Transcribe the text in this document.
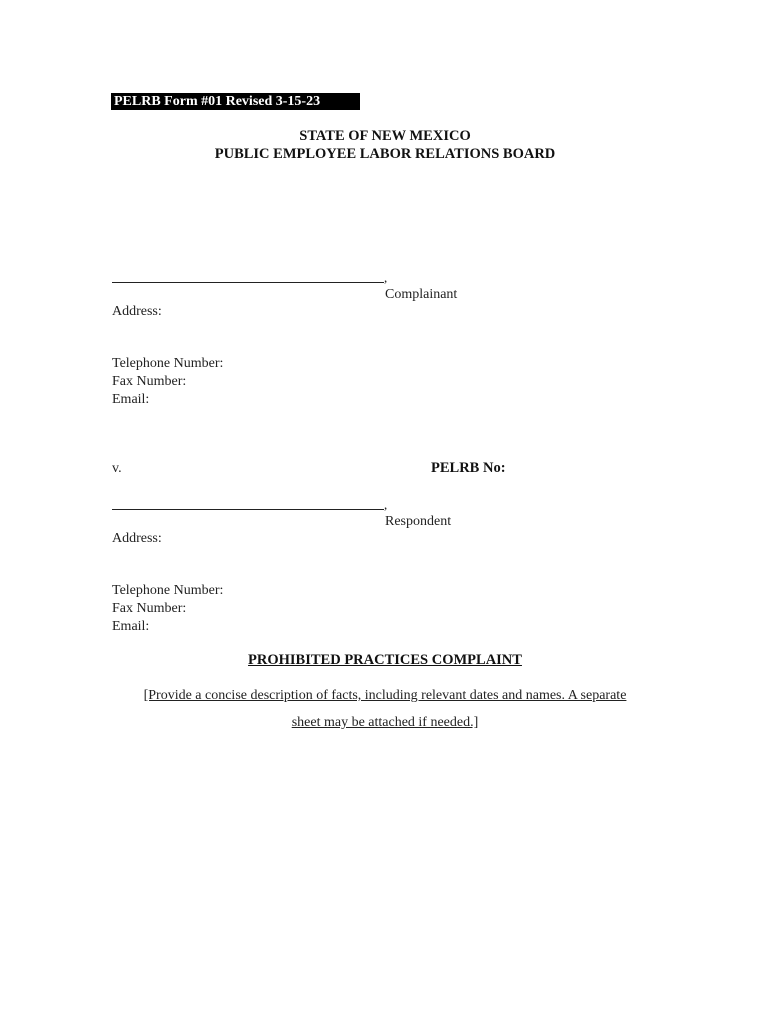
PELRB Form #01 Revised 3-15-23
STATE OF NEW MEXICO
PUBLIC EMPLOYEE LABOR RELATIONS BOARD
,
Complainant
Address:
Telephone Number:
Fax Number:
Email:
v.	PELRB No:
,
Respondent
Address:
Telephone Number:
Fax Number:
Email:
PROHIBITED PRACTICES COMPLAINT
[Provide a concise description of facts, including relevant dates and names. A separate
sheet may be attached if needed.]
